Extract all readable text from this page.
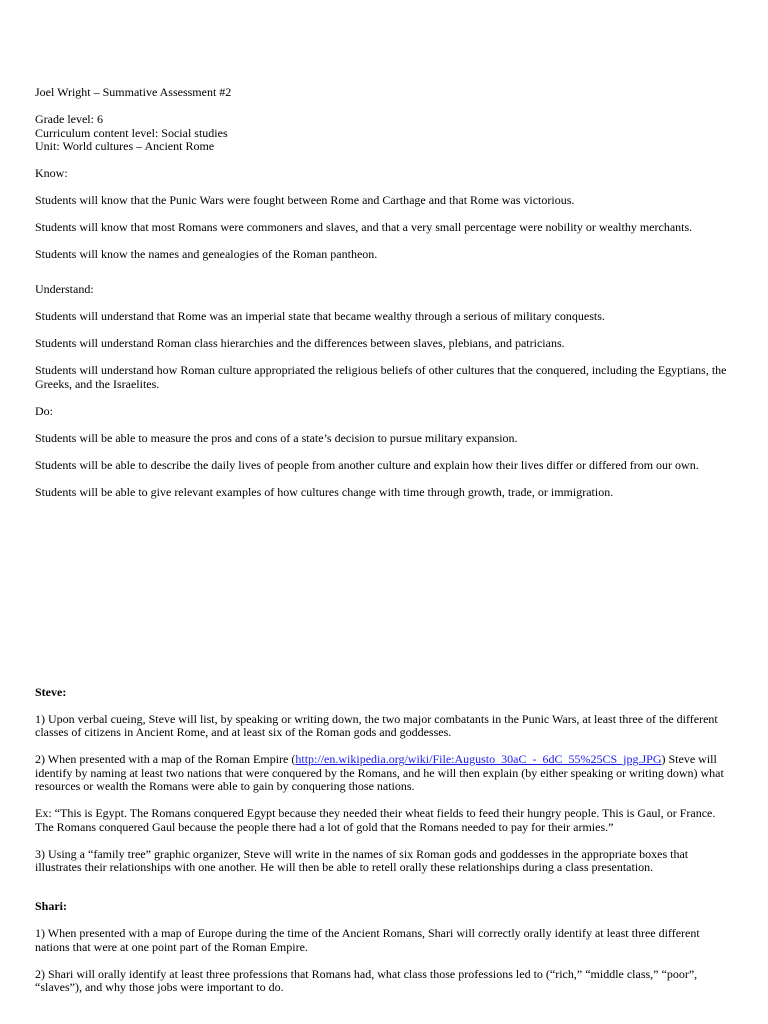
Joel Wright – Summative Assessment #2

Grade level: 6

Curriculum content level: Social studies

Unit: World cultures – Ancient Rome

Know:

Students will know that the Punic Wars were fought between Rome and Carthage and that Rome was victorious.

Students will know that most Romans were commoners and slaves, and that a very small percentage were nobility or wealthy merchants.

Students will know the names and genealogies of the Roman pantheon.

Understand:

Students will understand that Rome was an imperial state that became wealthy through a serious of military conquests.

Students will understand Roman class hierarchies and the differences between slaves, plebians, and patricians.

Students will understand how Roman culture appropriated the religious beliefs of other cultures that the conquered, including the Egyptians, the Greeks, and the Israelites.

Do:

Students will be able to measure the pros and cons of a state’s decision to pursue military expansion.

Students will be able to describe the daily lives of people from another culture and explain how their lives differ or differed from our own.

Students will be able to give relevant examples of how cultures change with time through growth, trade, or immigration.

Steve:

1) Upon verbal cueing, Steve will list, by speaking or writing down, the two major combatants in the Punic Wars, at least three of the different classes of citizens in Ancient Rome, and at least six of the Roman gods and goddesses.

2) When presented with a map of the Roman Empire (http://en.wikipedia.org/wiki/File:Augusto_30aC_-_6dC_55%25CS_jpg.JPG) Steve will identify by naming at least two nations that were conquered by the Romans, and he will then explain (by either speaking or writing down) what resources or wealth the Romans were able to gain by conquering those nations.

Ex: “This is Egypt. The Romans conquered Egypt because they needed their wheat fields to feed their hungry people. This is Gaul, or France. The Romans conquered Gaul because the people there had a lot of gold that the Romans needed to pay for their armies.”

3) Using a “family tree” graphic organizer, Steve will write in the names of six Roman gods and goddesses in the appropriate boxes that illustrates their relationships with one another. He will then be able to retell orally these relationships during a class presentation.

Shari:

1) When presented with a map of Europe during the time of the Ancient Romans, Shari will correctly orally identify at least three different nations that were at one point part of the Roman Empire.

2) Shari will orally identify at least three professions that Romans had, what class those professions led to (“rich,” “middle class,” “poor”, “slaves”), and why those jobs were important to do.
